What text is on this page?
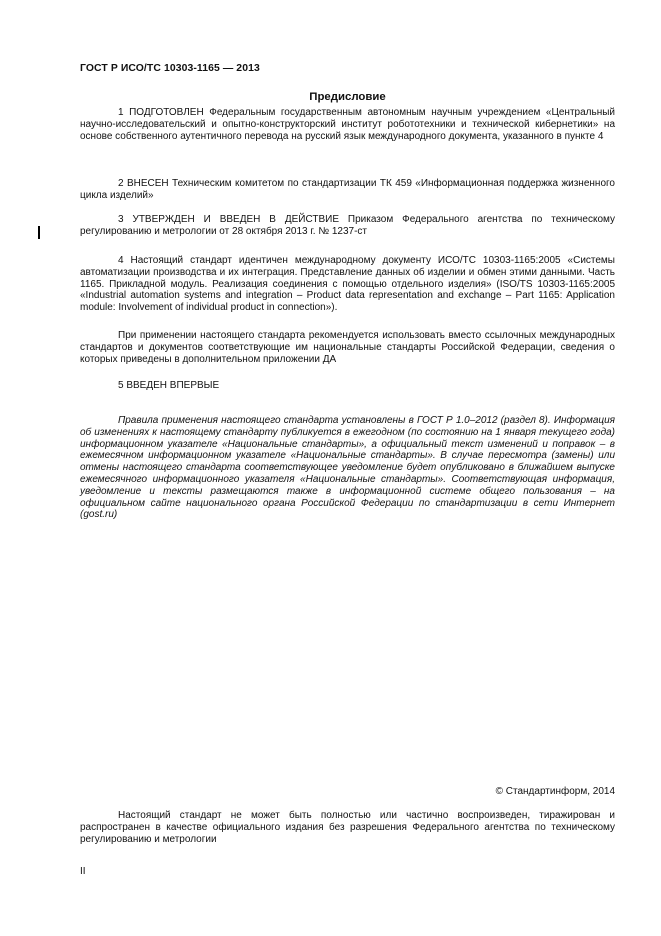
ГОСТ Р ИСО/ТС 10303-1165 — 2013
Предисловие

1 ПОДГОТОВЛЕН Федеральным государственным автономным научным учреждением «Центральный научно-исследовательский и опытно-конструкторский институт робототехники и технической кибернетики» на основе собственного аутентичного перевода на русский язык международного документа, указанного в пункте 4

2 ВНЕСЕН Техническим комитетом по стандартизации ТК 459 «Информационная поддержка жизненного цикла изделий»

3 УТВЕРЖДЕН И ВВЕДЕН В ДЕЙСТВИЕ Приказом Федерального агентства по техническому регулированию и метрологии от 28 октября 2013 г. № 1237-ст

4 Настоящий стандарт идентичен международному документу ИСО/ТС 10303-1165:2005 «Системы автоматизации производства и их интеграция. Представление данных об изделии и обмен этими данными. Часть 1165. Прикладной модуль. Реализация соединения с помощью отдельного изделия» (ISO/TS 10303-1165:2005 «Industrial automation systems and integration – Product data representation and exchange – Part 1165: Application module: Involvement of individual product in connection»).

При применении настоящего стандарта рекомендуется использовать вместо ссылочных международных стандартов и документов соответствующие им национальные стандарты Российской Федерации, сведения о которых приведены в дополнительном приложении ДА

5 ВВЕДЕН ВПЕРВЫЕ

Правила применения настоящего стандарта установлены в ГОСТ Р 1.0–2012 (раздел 8). Информация об изменениях к настоящему стандарту публикуется в ежегодном (по состоянию на 1 января текущего года) информационном указателе «Национальные стандарты», а официальный текст изменений и поправок – в ежемесячном информационном указателе «Национальные стандарты». В случае пересмотра (замены) или отмены настоящего стандарта соответствующее уведомление будет опубликовано в ближайшем выпуске ежемесячного информационного указателя «Национальные стандарты». Соответствующая информация, уведомление и тексты размещаются также в информационной системе общего пользования – на официальном сайте национального органа Российской Федерации по стандартизации в сети Интернет (gost.ru)

© Стандартинформ, 2014

Настоящий стандарт не может быть полностью или частично воспроизведен, тиражирован и распространен в качестве официального издания без разрешения Федерального агентства по техническому регулированию и метрологии

II
